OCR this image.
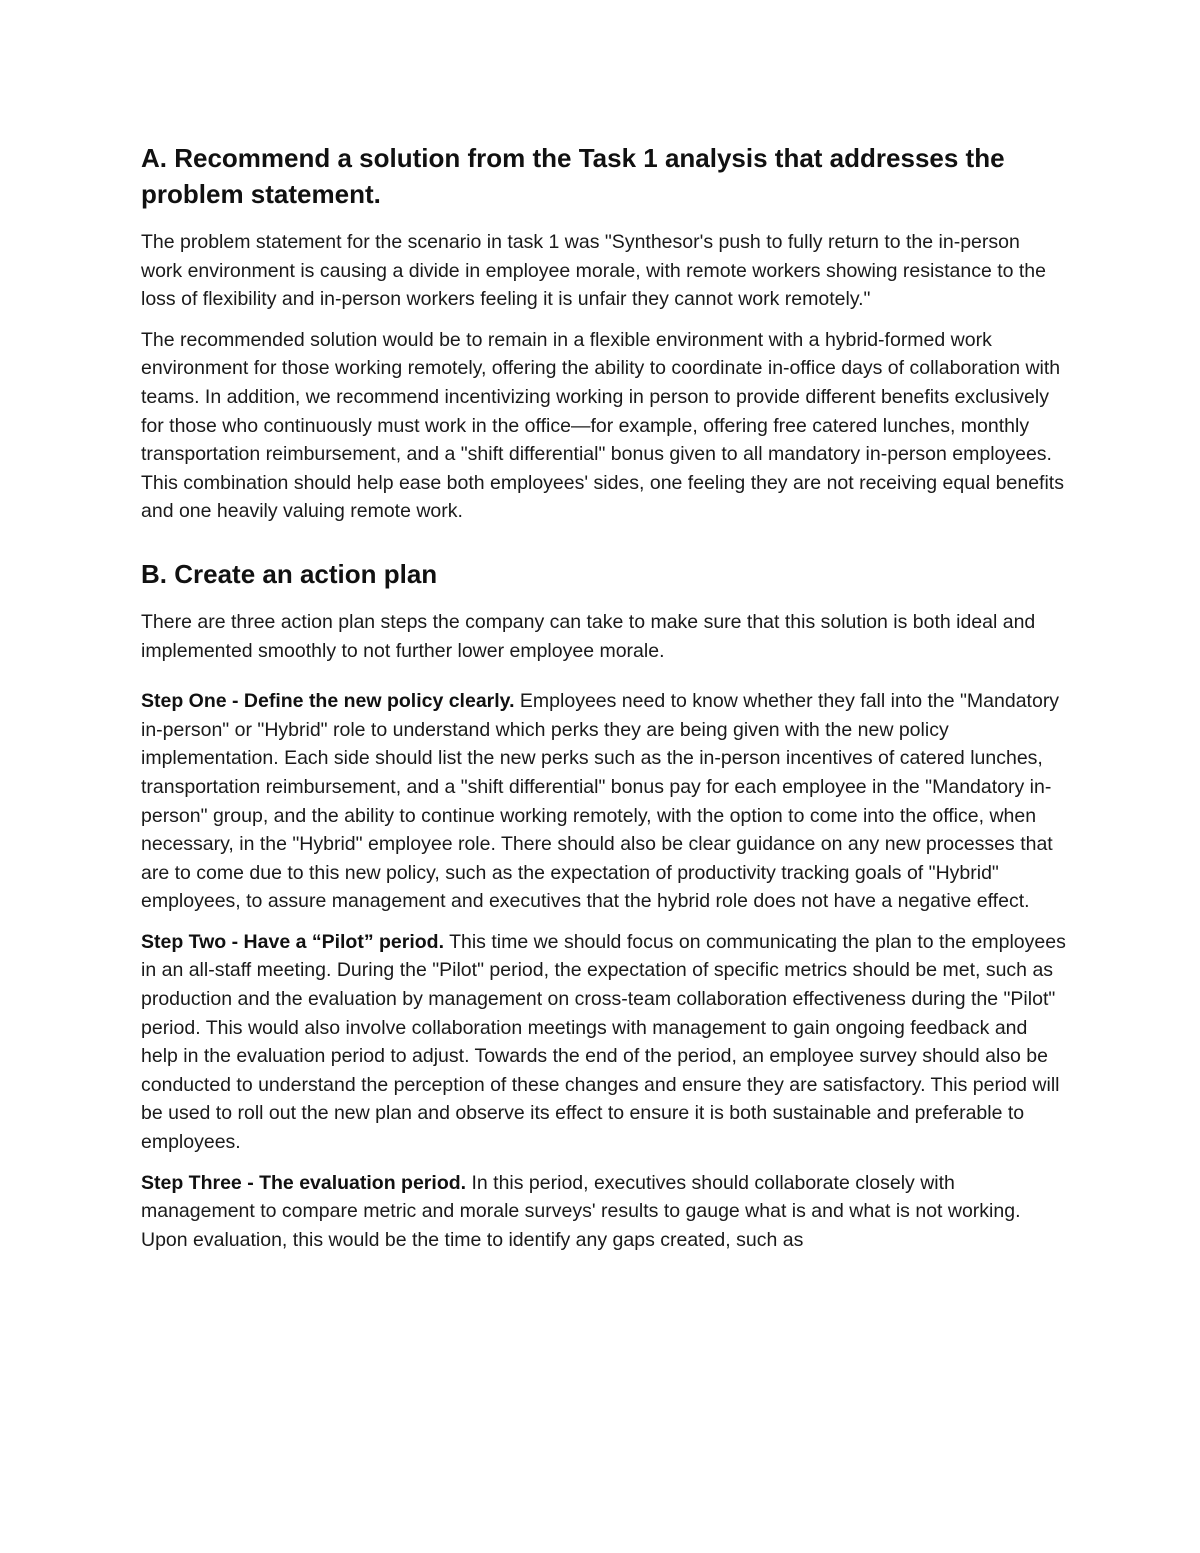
A. Recommend a solution from the Task 1 analysis that addresses the problem statement.

The problem statement for the scenario in task 1 was "Synthesor's push to fully return to the in-person work environment is causing a divide in employee morale, with remote workers showing resistance to the loss of flexibility and in-person workers feeling it is unfair they cannot work remotely."

The recommended solution would be to remain in a flexible environment with a hybrid-formed work environment for those working remotely, offering the ability to coordinate in-office days of collaboration with teams. In addition, we recommend incentivizing working in person to provide different benefits exclusively for those who continuously must work in the office—for example, offering free catered lunches, monthly transportation reimbursement, and a "shift differential" bonus given to all mandatory in-person employees. This combination should help ease both employees' sides, one feeling they are not receiving equal benefits and one heavily valuing remote work.

B. Create an action plan

There are three action plan steps the company can take to make sure that this solution is both ideal and implemented smoothly to not further lower employee morale.

Step One - Define the new policy clearly. Employees need to know whether they fall into the "Mandatory in-person" or "Hybrid" role to understand which perks they are being given with the new policy implementation. Each side should list the new perks such as the in-person incentives of catered lunches, transportation reimbursement, and a "shift differential" bonus pay for each employee in the "Mandatory in-person" group, and the ability to continue working remotely, with the option to come into the office, when necessary, in the "Hybrid" employee role. There should also be clear guidance on any new processes that are to come due to this new policy, such as the expectation of productivity tracking goals of "Hybrid" employees, to assure management and executives that the hybrid role does not have a negative effect.

Step Two - Have a “Pilot” period. This time we should focus on communicating the plan to the employees in an all-staff meeting. During the "Pilot" period, the expectation of specific metrics should be met, such as production and the evaluation by management on cross-team collaboration effectiveness during the "Pilot" period. This would also involve collaboration meetings with management to gain ongoing feedback and help in the evaluation period to adjust. Towards the end of the period, an employee survey should also be conducted to understand the perception of these changes and ensure they are satisfactory. This period will be used to roll out the new plan and observe its effect to ensure it is both sustainable and preferable to employees.

Step Three - The evaluation period. In this period, executives should collaborate closely with management to compare metric and morale surveys' results to gauge what is and what is not working. Upon evaluation, this would be the time to identify any gaps created, such as
